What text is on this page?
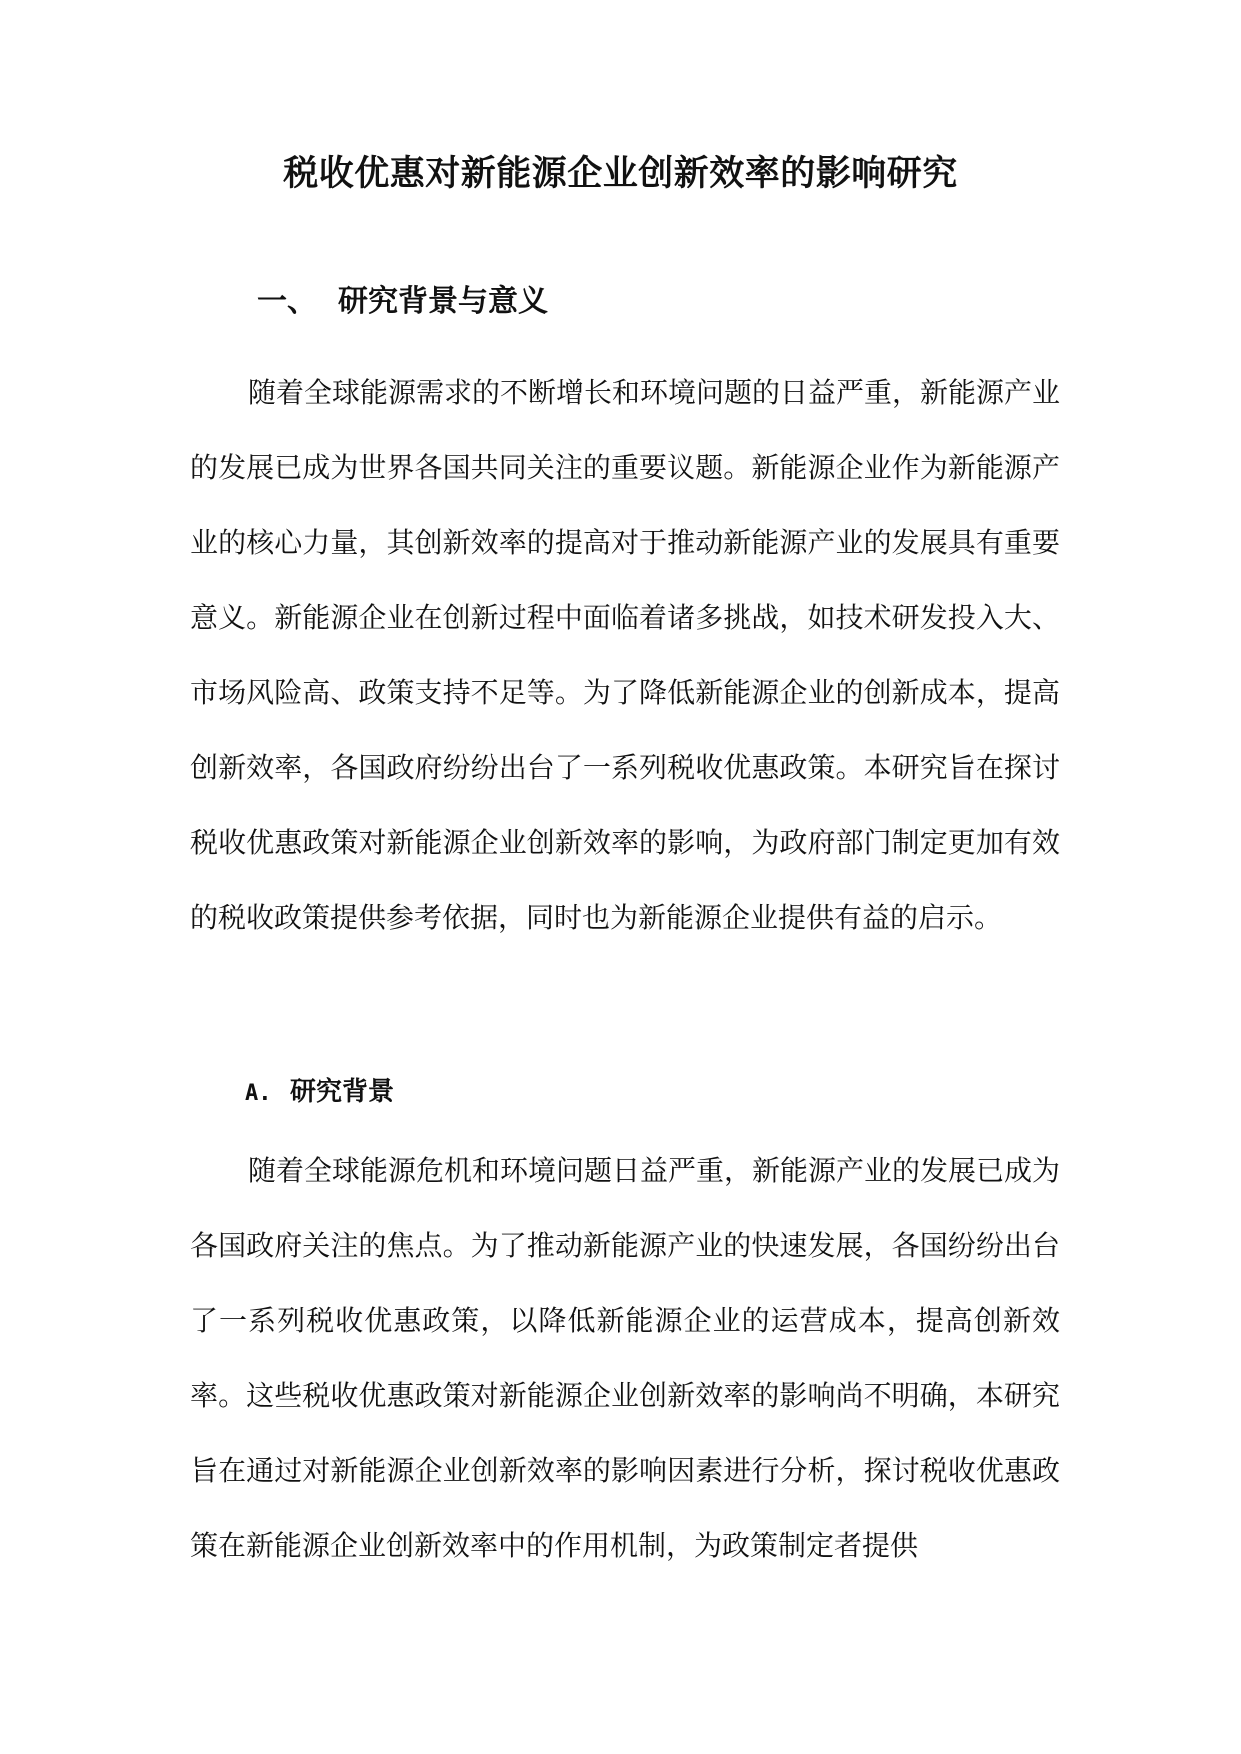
税收优惠对新能源企业创新效率的影响研究
一、 研究背景与意义

随着全球能源需求的不断增长和环境问题的日益严重，新能源产业的发展已成为世界各国共同关注的重要议题。新能源企业作为新能源产业的核心力量，其创新效率的提高对于推动新能源产业的发展具有重要意义。新能源企业在创新过程中面临着诸多挑战，如技术研发投入大、市场风险高、政策支持不足等。为了降低新能源企业的创新成本，提高创新效率，各国政府纷纷出台了一系列税收优惠政策。本研究旨在探讨税收优惠政策对新能源企业创新效率的影响，为政府部门制定更加有效的税收政策提供参考依据，同时也为新能源企业提供有益的启示。

A. 研究背景

随着全球能源危机和环境问题日益严重，新能源产业的发展已成为各国政府关注的焦点。为了推动新能源产业的快速发展，各国纷纷出台了一系列税收优惠政策，以降低新能源企业的运营成本，提高创新效率。这些税收优惠政策对新能源企业创新效率的影响尚不明确，本研究旨在通过对新能源企业创新效率的影响因素进行分析，探讨税收优惠政策在新能源企业创新效率中的作用机制，为政策制定者提供
